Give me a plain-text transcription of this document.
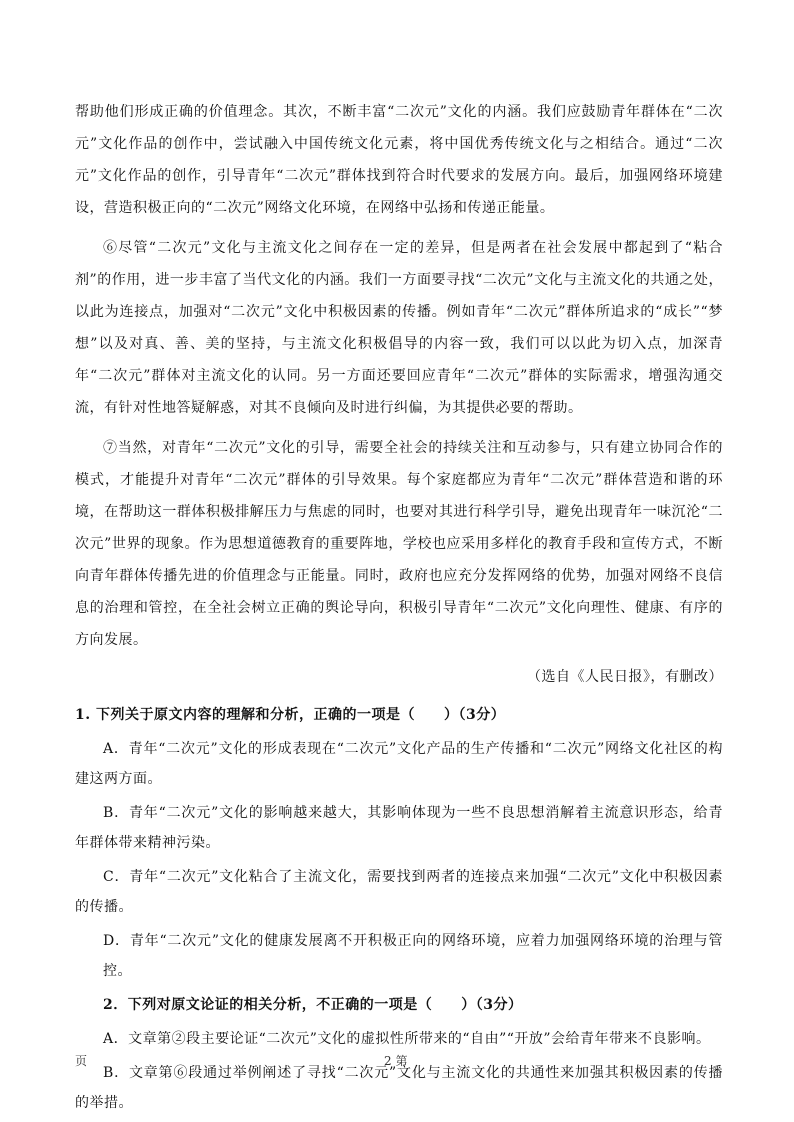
帮助他们形成正确的价值理念。其次，不断丰富“二次元”文化的内涵。我们应鼓励青年群体在“二次元”文化作品的创作中，尝试融入中国传统文化元素，将中国优秀传统文化与之相结合。通过“二次元”文化作品的创作，引导青年“二次元”群体找到符合时代要求的发展方向。最后，加强网络环境建设，营造积极正向的“二次元”网络文化环境，在网络中弘扬和传递正能量。

⑥尽管“二次元”文化与主流文化之间存在一定的差异，但是两者在社会发展中都起到了“粘合剂”的作用，进一步丰富了当代文化的内涵。我们一方面要寻找“二次元”文化与主流文化的共通之处，以此为连接点，加强对“二次元”文化中积极因素的传播。例如青年“二次元”群体所追求的“成长”“梦想”以及对真、善、美的坚持，与主流文化积极倡导的内容一致，我们可以以此为切入点，加深青年“二次元”群体对主流文化的认同。另一方面还要回应青年“二次元”群体的实际需求，增强沟通交流，有针对性地答疑解惑，对其不良倾向及时进行纠偏，为其提供必要的帮助。

⑦当然，对青年“二次元”文化的引导，需要全社会的持续关注和互动参与，只有建立协同合作的模式，才能提升对青年“二次元”群体的引导效果。每个家庭都应为青年“二次元”群体营造和谐的环境，在帮助这一群体积极排解压力与焦虑的同时，也要对其进行科学引导，避免出现青年一味沉沦“二次元”世界的现象。作为思想道德教育的重要阵地，学校也应采用多样化的教育手段和宣传方式，不断向青年群体传播先进的价值理念与正能量。同时，政府也应充分发挥网络的优势，加强对网络不良信息的治理和管控，在全社会树立正确的舆论导向，积极引导青年“二次元”文化向理性、健康、有序的方向发展。

（选自《人民日报》，有删改）

1. 下列关于原文内容的理解和分析，正确的一项是（　　）（3分）

A．青年“二次元”文化的形成表现在“二次元”文化产品的生产传播和“二次元”网络文化社区的构建这两方面。

B．青年“二次元”文化的影响越来越大，其影响体现为一些不良思想消解着主流意识形态，给青年群体带来精神污染。

C．青年“二次元”文化粘合了主流文化，需要找到两者的连接点来加强“二次元”文化中积极因素的传播。

D．青年“二次元”文化的健康发展离不开积极正向的网络环境，应着力加强网络环境的治理与管控。

2．下列对原文论证的相关分析，不正确的一项是（　　）（3分）

A．文章第②段主要论证“二次元”文化的虚拟性所带来的“自由”“开放”会给青年带来不良影响。

B．文章第⑥段通过举例阐述了寻找“二次元”文化与主流文化的共通性来加强其积极因素的传播的举措。

页	2 第
